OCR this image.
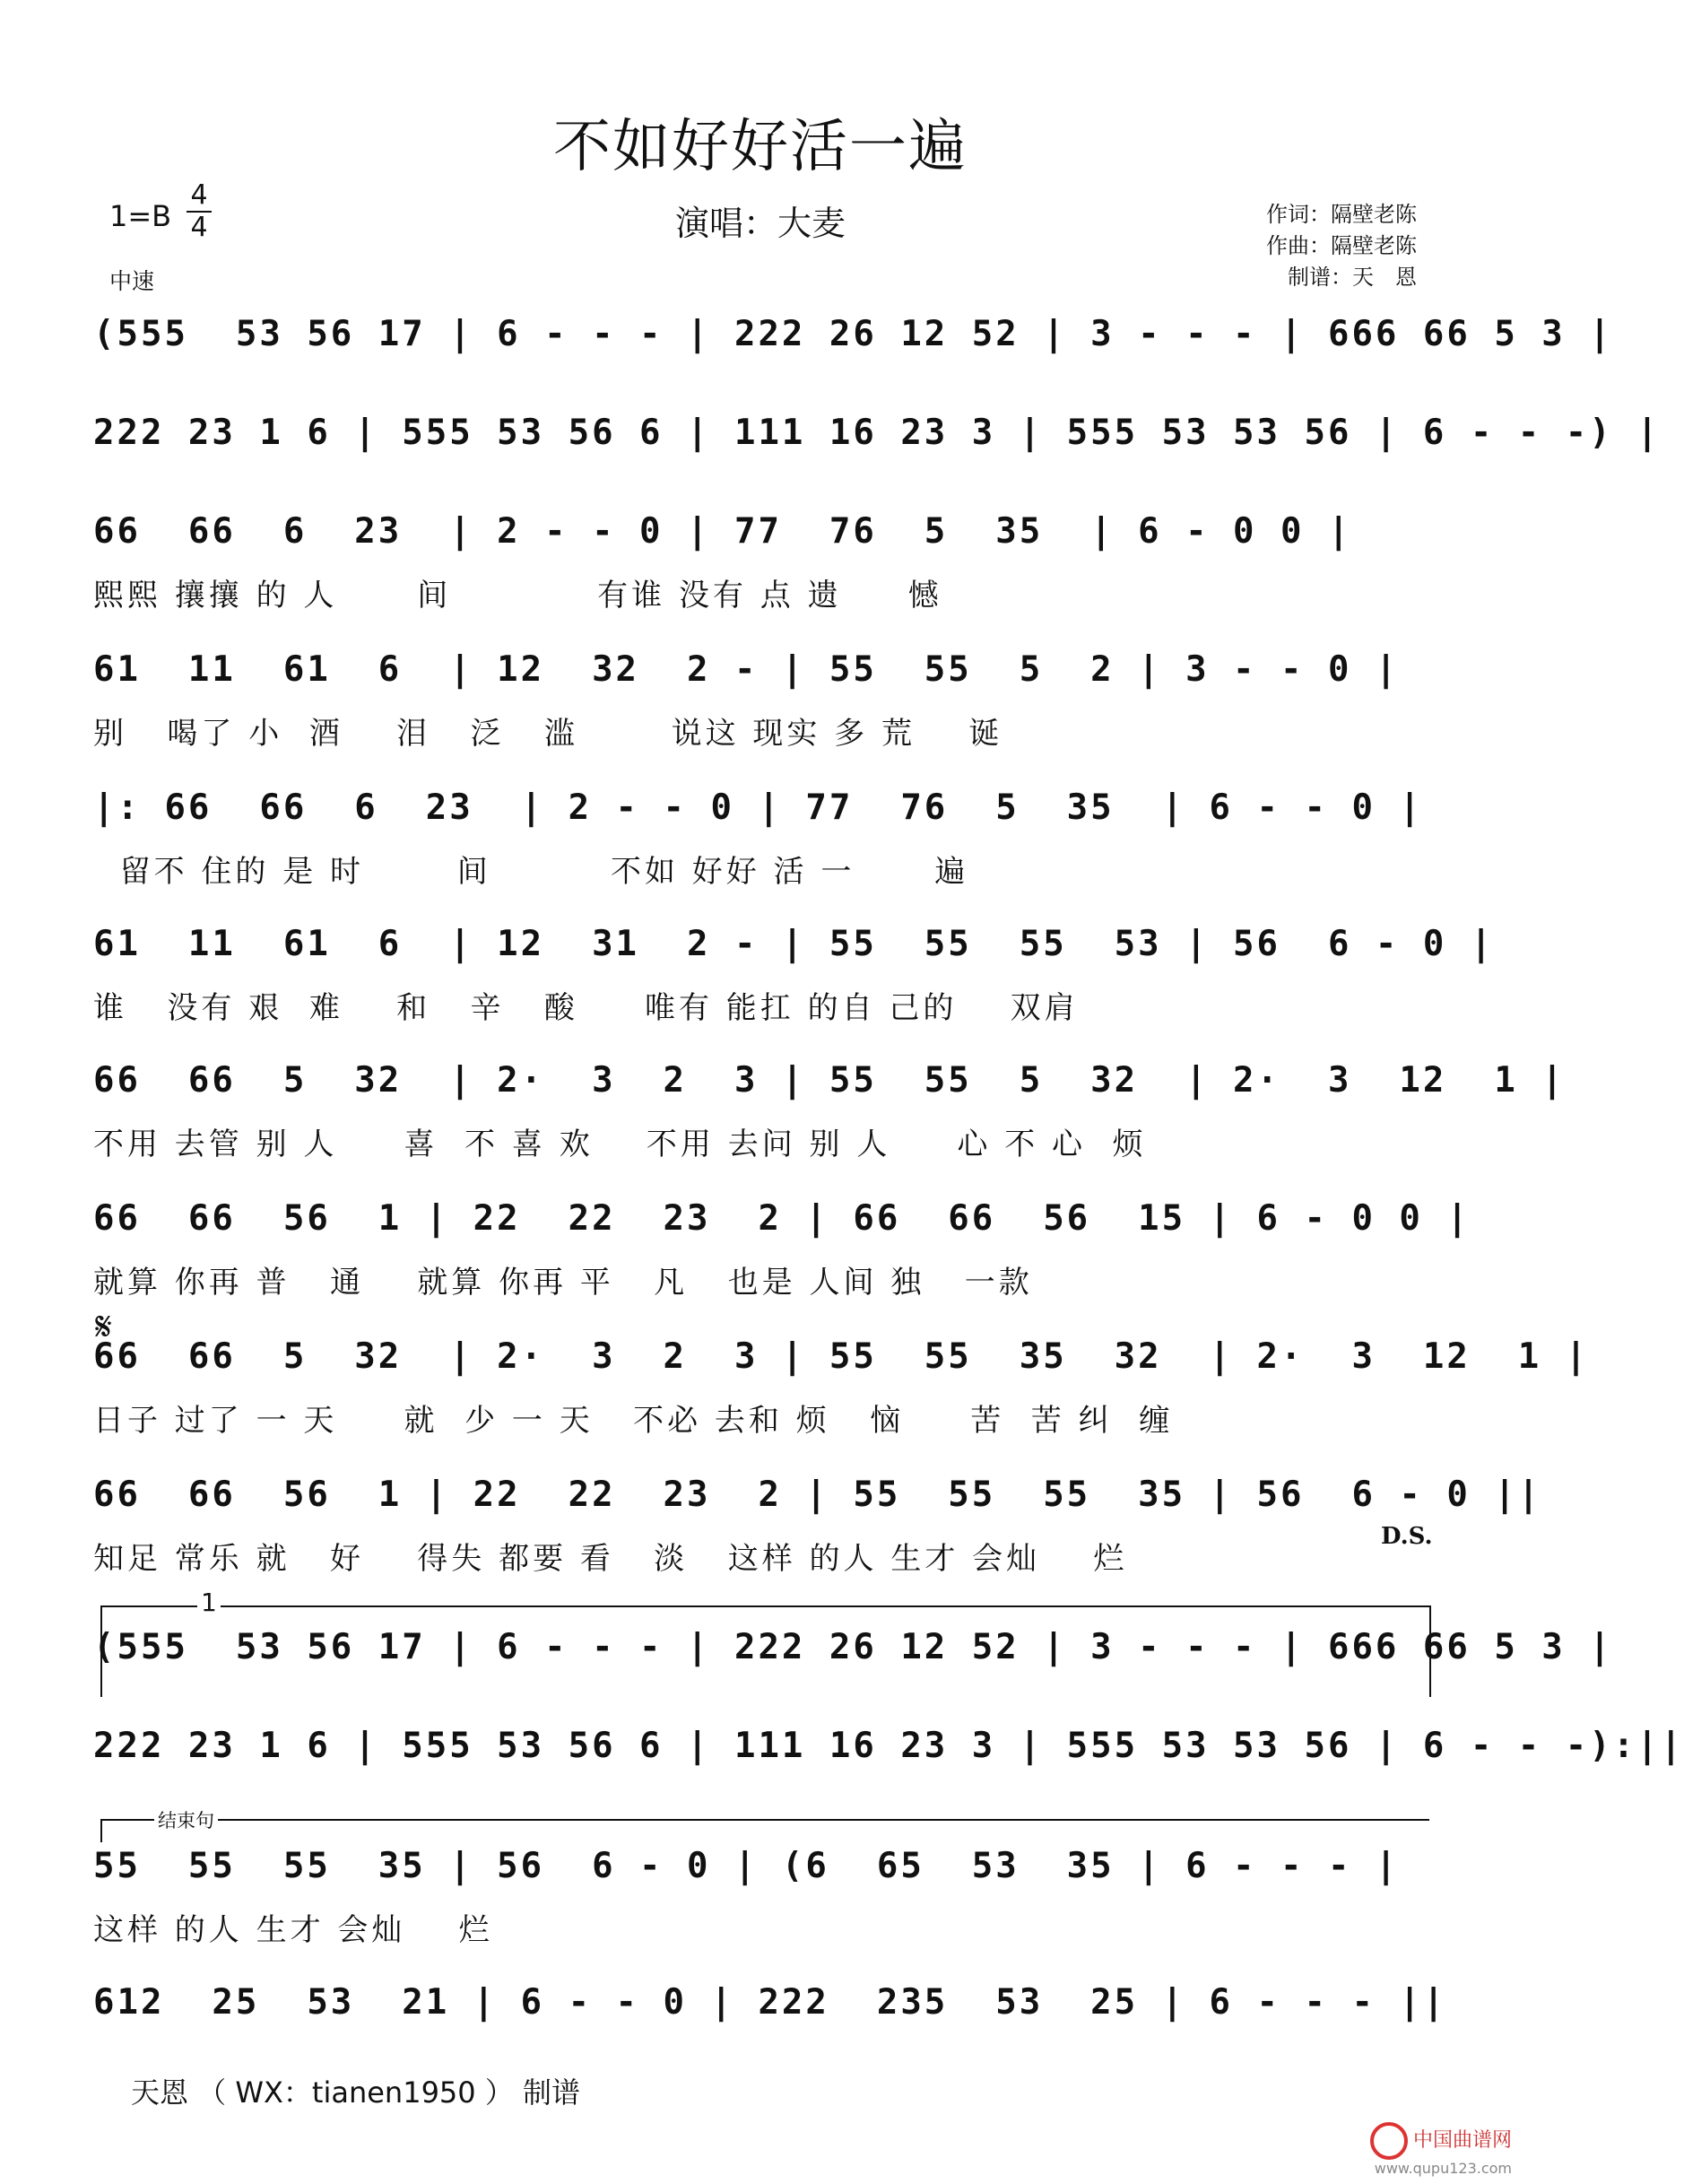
不如好好活一遍
1=B
4
4
中速
演唱：大麦	作词：隔壁老陈
作曲：隔壁老陈
制谱：天　恩
(555  53 56 17 | 6 - - - | 222 26 12 52 | 3 - - - | 666 66 5 3 |
222 23 1 6 | 555 53 56 6 | 111 16 23 3 | 555 53 53 56 | 6 - - -) |
66  66  6  23  | 2 - - 0 | 77  76  5  35  | 6 - 0 0 |
熙熙 攘攘 的 人      间           有谁 没有 点 遗     憾
61  11  61  6  | 12  32  2 - | 55  55  5  2 | 3 - - 0 |
别   喝了 小  酒    泪   泛   滥       说这 现实 多 荒    诞
|: 66  66  6  23  | 2 - - 0 | 77  76  5  35  | 6 - - 0 |
留不 住的 是 时       间         不如 好好 活 一      遍
61  11  61  6  | 12  31  2 - | 55  55  55  53 | 56  6 - 0 |
谁   没有 艰  难    和   辛   酸     唯有 能扛 的自 己的    双肩
66  66  5  32  | 2·  3  2  3 | 55  55  5  32  | 2·  3  12  1 |
不用 去管 别 人     喜  不 喜 欢    不用 去问 别 人     心 不 心  烦
66  66  56  1 | 22  22  23  2 | 66  66  56  15 | 6 - 0 0 |
就算 你再 普   通    就算 你再 平   凡   也是 人间 独   一款
𝄋
66  66  5  32  | 2·  3  2  3 | 55  55  35  32  | 2·  3  12  1 |
日子 过了 一 天     就  少 一 天   不必 去和 烦   恼     苦  苦 纠  缠
66  66  56  1 | 22  22  23  2 | 55  55  55  35 | 56  6 - 0 ||
知足 常乐 就   好    得失 都要 看   淡   这样 的人 生才 会灿    烂
D.S.
1
(555  53 56 17 | 6 - - - | 222 26 12 52 | 3 - - - | 666 66 5 3 |
222 23 1 6 | 555 53 56 6 | 111 16 23 3 | 555 53 53 56 | 6 - - -):||
结束句
55  55  55  35 | 56  6 - 0 | (6  65  53  35 | 6 - - - |
这样 的人 生才 会灿    烂
612  25  53  21 | 6 - - 0 | 222  235  53  25 | 6 - - - ||
天恩 （ WX：tianen1950 ） 制谱
中国曲谱网
www.qupu123.com
